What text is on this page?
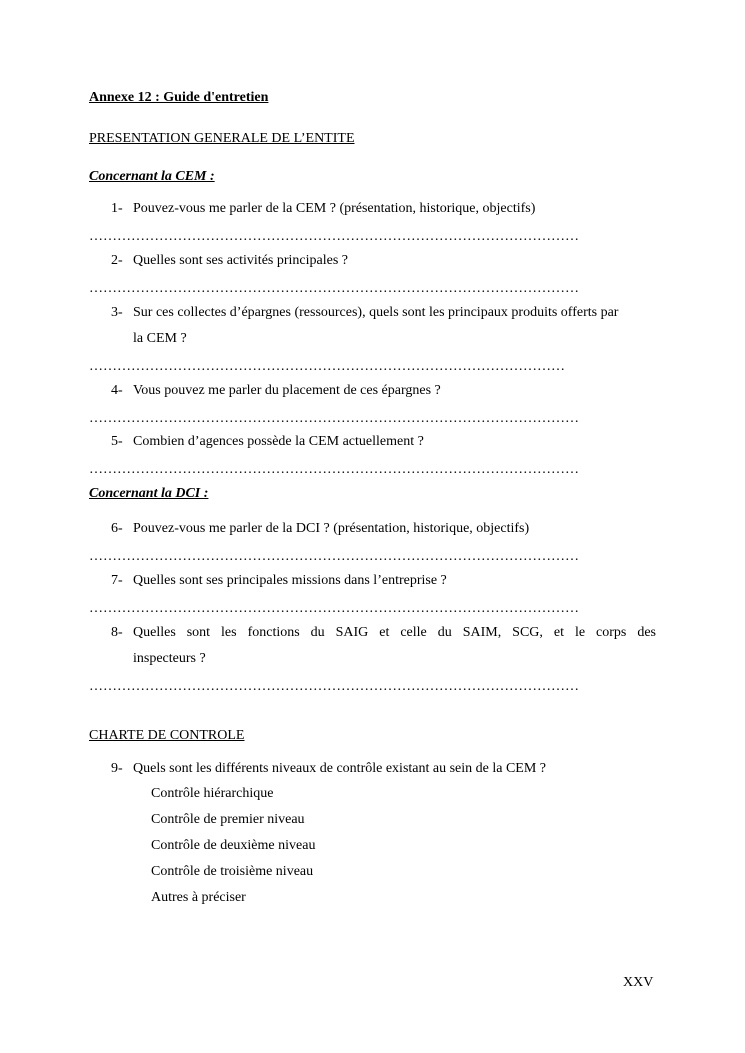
Annexe 12 : Guide d'entretien
PRESENTATION GENERALE DE L’ENTITE
Concernant la CEM :
1- Pouvez-vous me parler de la CEM ? (présentation, historique, objectifs)
……………………………………………………………………………………………
2- Quelles sont ses activités principales ?
……………………………………………………………………………………………
3- Sur ces collectes d’épargnes (ressources), quels sont les principaux produits offerts par
la CEM ?
…………………………………………………………………………………………
4- Vous pouvez me parler du placement de ces épargnes ?
……………………………………………………………………………………………
5- Combien d’agences possède la CEM actuellement ?
……………………………………………………………………………………………
Concernant la DCI :
6- Pouvez-vous me parler de la DCI ? (présentation, historique, objectifs)
……………………………………………………………………………………………
7- Quelles sont ses principales missions dans l’entreprise ?
……………………………………………………………………………………………
8- Quelles sont les fonctions du SAIG et celle du SAIM, SCG, et le corps des
inspecteurs ?
……………………………………………………………………………………………
CHARTE DE CONTROLE
9- Quels sont les différents niveaux de contrôle existant au sein de la CEM ?
Contrôle hiérarchique
Contrôle de premier niveau
Contrôle de deuxième niveau
Contrôle de troisième niveau
Autres à préciser
XXV
